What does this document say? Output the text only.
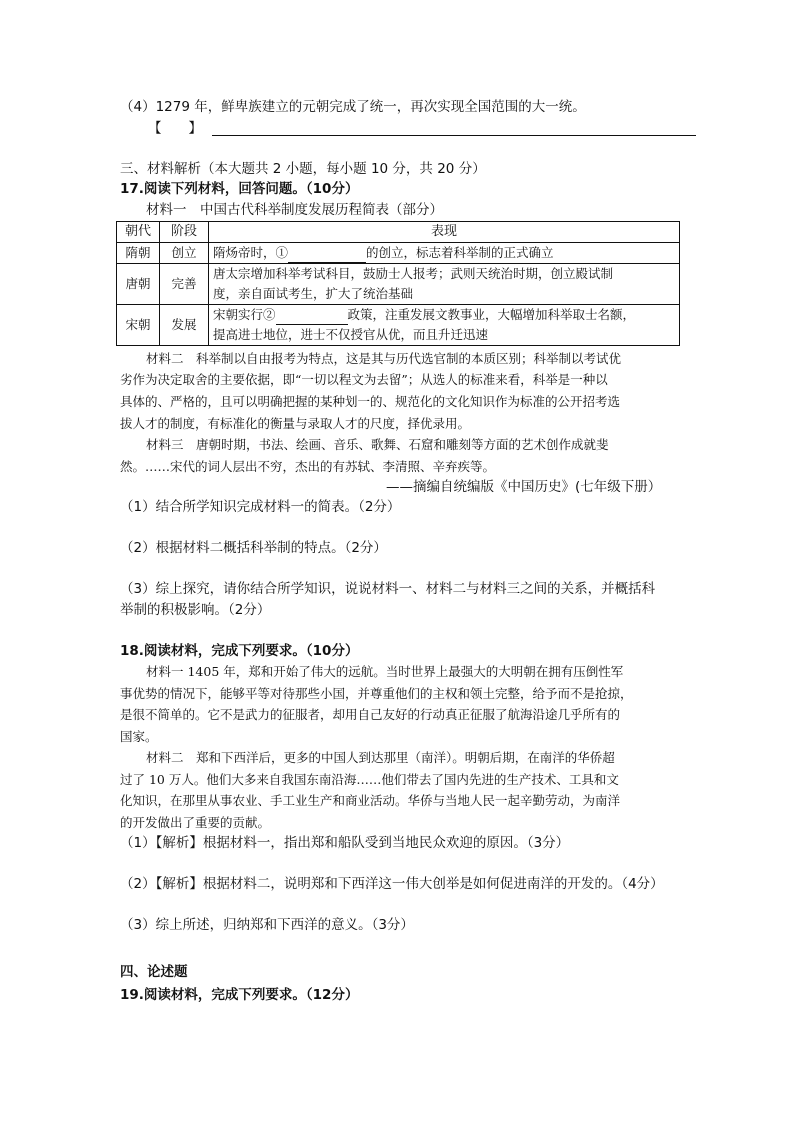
（4）1279 年，鲜卑族建立的元朝完成了统一，再次实现全国范围的大一统。
【　　】
三、材料解析（本大题共 2 小题，每小题 10 分，共 20 分）
17.阅读下列材料，回答问题。（10分）
材料一　中国古代科举制度发展历程简表（部分）
朝代	阶段	表现
隋朝	创立	隋炀帝时，① 的创立，标志着科举制的正式确立
唐朝	完善	唐太宗增加科举考试科目，鼓励士人报考；武则天统治时期，创立殿试制
度，亲自面试考生，扩大了统治基础

宋朝	发展	宋朝实行② 政策，注重发展文教事业，大幅增加科举取士名额，
提高进士地位，进士不仅授官从优，而且升迁迅速
材料二　科举制以自由报考为特点，这是其与历代选官制的本质区别；科举制以考试优
劣作为决定取舍的主要依据，即“一切以程文为去留”；从选人的标准来看，科举是一种以
具体的、严格的，且可以明确把握的某种划一的、规范化的文化知识作为标准的公开招考选
拔人才的制度，有标准化的衡量与录取人才的尺度，择优录用。
材料三　唐朝时期，书法、绘画、音乐、歌舞、石窟和雕刻等方面的艺术创作成就斐
然。……宋代的词人层出不穷，杰出的有苏轼、李清照、辛弃疾等。
——摘编自统编版《中国历史》(七年级下册）
（1）结合所学知识完成材料一的简表。（2分）
（2）根据材料二概括科举制的特点。（2分）
（3）综上探究，请你结合所学知识，说说材料一、材料二与材料三之间的关系，并概括科
举制的积极影响。（2分）
18.阅读材料，完成下列要求。（10分）
材料一 1405 年，郑和开始了伟大的远航。当时世界上最强大的大明朝在拥有压倒性军
事优势的情况下，能够平等对待那些小国，并尊重他们的主权和领土完整，给予而不是抢掠，
是很不简单的。它不是武力的征服者，却用自己友好的行动真正征服了航海沿途几乎所有的
国家。
材料二　郑和下西洋后，更多的中国人到达那里（南洋）。明朝后期，在南洋的华侨超
过了 10 万人。他们大多来自我国东南沿海……他们带去了国内先进的生产技术、工具和文
化知识，在那里从事农业、手工业生产和商业活动。华侨与当地人民一起辛勤劳动，为南洋
的开发做出了重要的贡献。
（1）【解析】根据材料一，指出郑和船队受到当地民众欢迎的原因。（3分）
（2）【解析】根据材料二，说明郑和下西洋这一伟大创举是如何促进南洋的开发的。（4分）
（3）综上所述，归纳郑和下西洋的意义。（3分）
四、论述题
19.阅读材料，完成下列要求。（12分）
